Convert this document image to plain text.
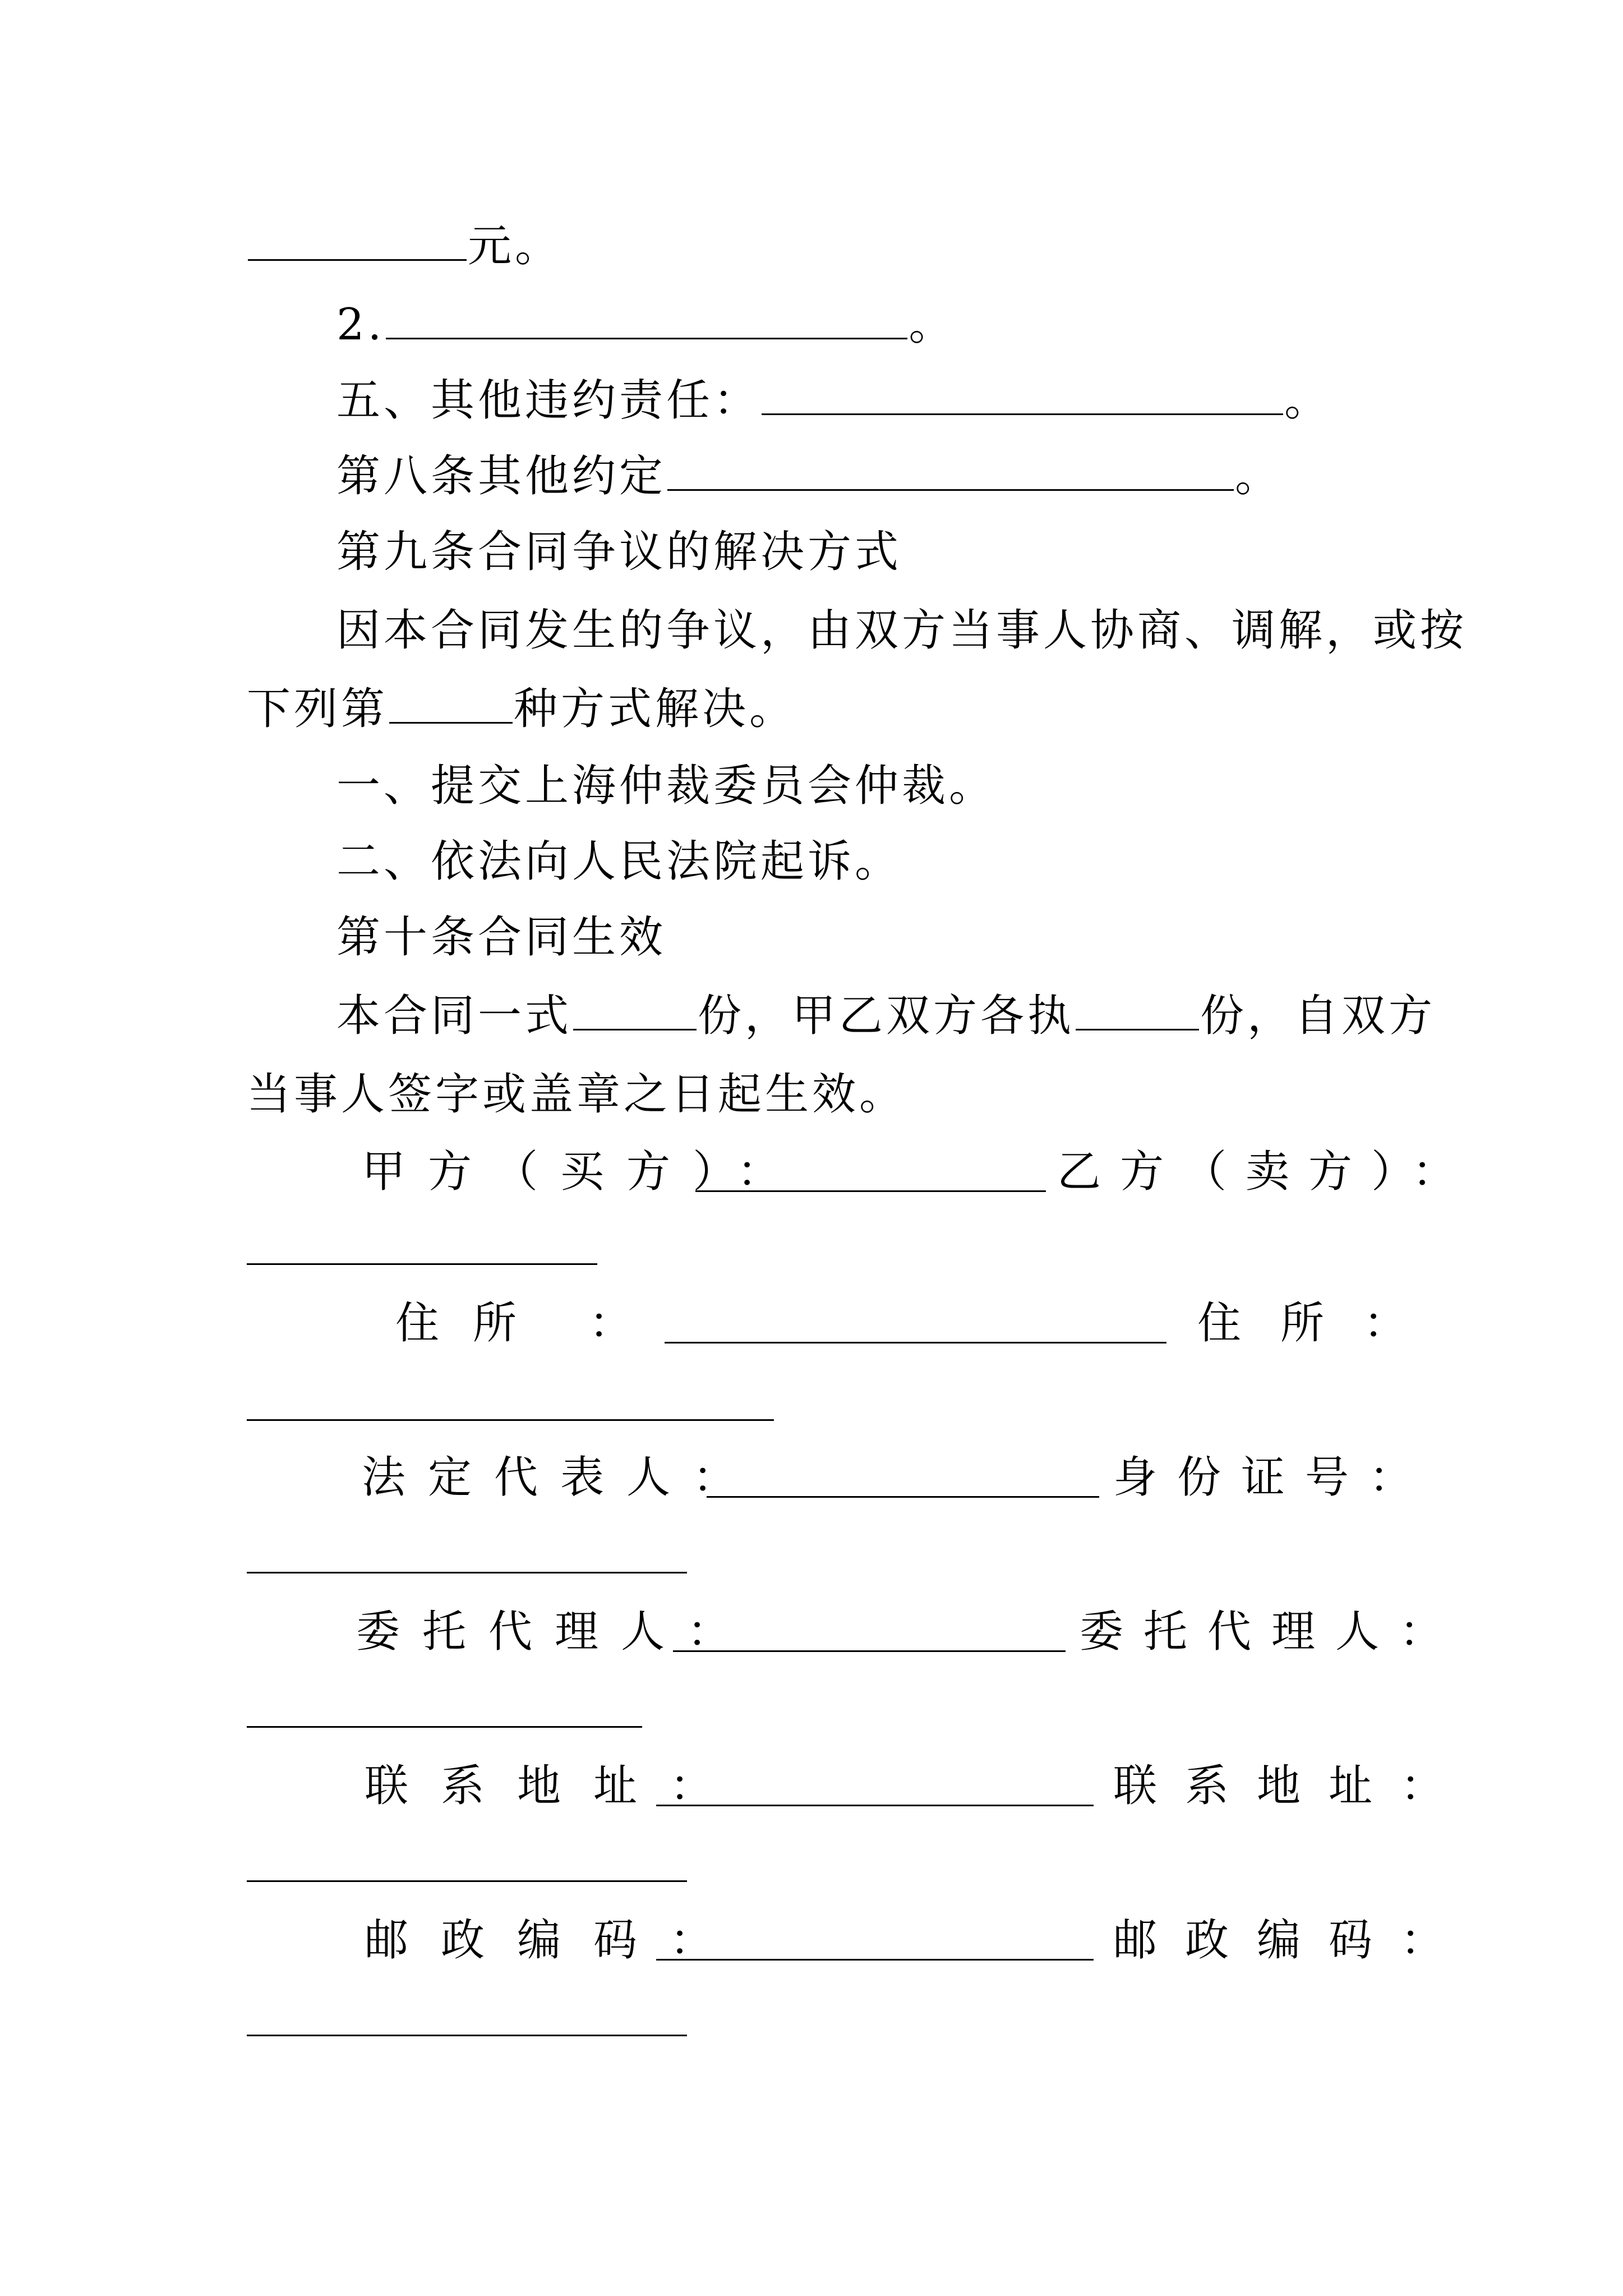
元。
2.	。
五、其他违约责任：	。
第八条其他约定	。
第九条合同争议的解决方式
因本合同发生的争议，由双方当事人协商、调解，或按
下列第	种方式解决。
一、提交上海仲裁委员会仲裁。
二、依法向人民法院起诉。
第十条合同生效
本合同一式	份，甲乙双方各执	份，自双方
当事人签字或盖章之日起生效。
甲方（买方）：	乙方（卖方）：
住所 ：	住所：
法定代表人：	身份证号：
委托代理人：	委托代理人：
联系地址：	联系地址：
邮政编码：	邮政编码：
